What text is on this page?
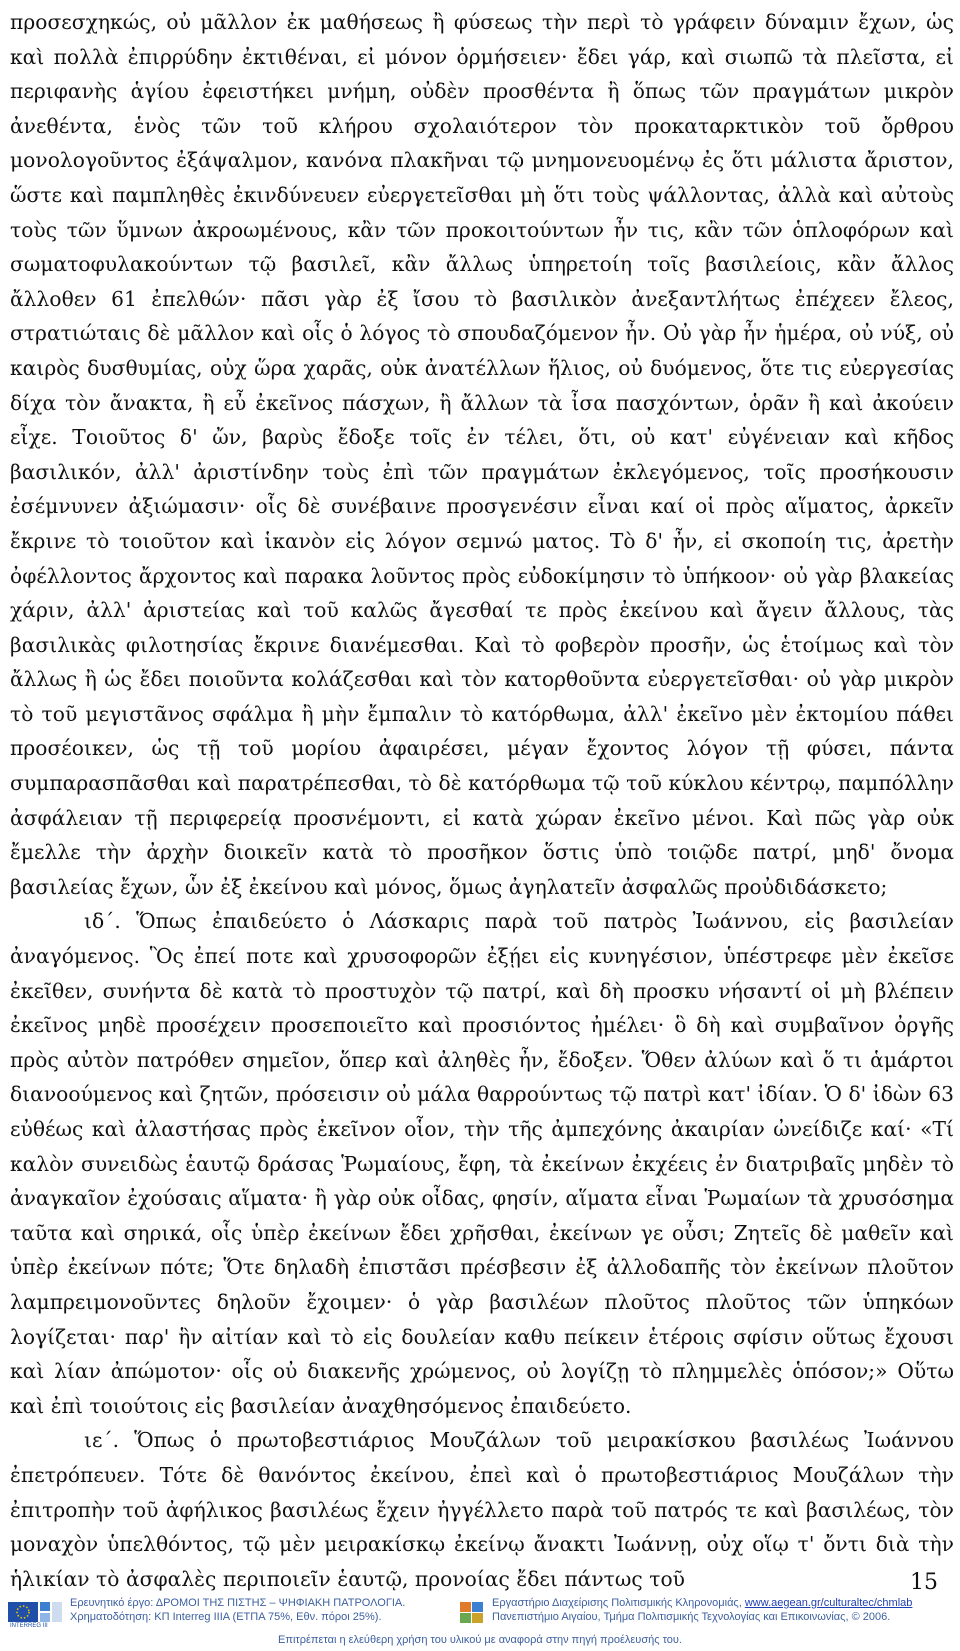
προσεσχηκώς, οὐ μᾶλλον ἐκ μαθήσεως ἢ φύσεως τὴν περὶ τὸ γράφειν δύναμιν ἔχων, ὡς καὶ πολλὰ ἐπιρρύδην ἐκτιθέναι, εἰ μόνον ὁρμήσειεν· ἔδει γάρ, καὶ σιωπῶ τὰ πλεῖστα, εἰ περιφανὴς ἁγίου ἐφειστήκει μνήμη, οὐδὲν προσθέντα ἢ ὅπως τῶν πραγμάτων μικρὸν ἀνεθέντα, ἑνὸς τῶν τοῦ κλήρου σχολαιότερον τὸν προκαταρκτικὸν τοῦ ὄρθρου μονολογοῦντος ἐξάψαλμον, κανόνα πλακῆναι τῷ μνημονευομένῳ ἐς ὅτι μάλιστα ἄριστον, ὥστε καὶ παμπληθὲς ἐκινδύνευεν εὐεργετεῖσθαι μὴ ὅτι τοὺς ψάλλοντας, ἀλλὰ καὶ αὐτοὺς τοὺς τῶν ὕμνων ἀκροωμένους, κἂν τῶν προκοιτούντων ἦν τις, κἂν τῶν ὁπλοφόρων καὶ σωματοφυλακούντων τῷ βασιλεῖ, κἂν ἄλλως ὑπηρετοίη τοῖς βασιλείοις, κἂν ἄλλος ἄλλοθεν 61 ἐπελθών· πᾶσι γὰρ ἐξ ἴσου τὸ βασιλικὸν ἀνεξαντλήτως ἐπέχεεν ἔλεος, στρατιώταις δὲ μᾶλλον καὶ οἷς ὁ λόγος τὸ σπουδαζόμενον ἦν. Οὐ γὰρ ἦν ἡμέρα, οὐ νύξ, οὐ καιρὸς δυσθυμίας, οὐχ ὥρα χαρᾶς, οὐκ ἀνατέλλων ἥλιος, οὐ δυόμενος, ὅτε τις εὐεργεσίας δίχα τὸν ἄνακτα, ἢ εὖ ἐκεῖνος πάσχων, ἢ ἄλλων τὰ ἶσα πασχόντων, ὁρᾶν ἢ καὶ ἀκούειν εἶχε. Τοιοῦτος δ' ὤν, βαρὺς ἔδοξε τοῖς ἐν τέλει, ὅτι, οὐ κατ' εὐγένειαν καὶ κῆδος βασιλικόν, ἀλλ' ἀριστίνδην τοὺς ἐπὶ τῶν πραγμάτων ἐκλεγόμενος, τοῖς προσήκουσιν ἐσέμνυνεν ἀξιώμασιν· οἷς δὲ συνέβαινε προσγενέσιν εἶναι καί οἱ πρὸς αἵματος, ἀρκεῖν ἔκρινε τὸ τοιοῦτον καὶ ἱκανὸν εἰς λόγον σεμνώ ματος. Τὸ δ' ἦν, εἰ σκοποίη τις, ἀρετὴν ὀφέλλοντος ἄρχοντος καὶ παρακα λοῦντος πρὸς εὐδοκίμησιν τὸ ὑπήκοον· οὐ γὰρ βλακείας χάριν, ἀλλ' ἀριστείας καὶ τοῦ καλῶς ἄγεσθαί τε πρὸς ἐκείνου καὶ ἄγειν ἄλλους, τὰς βασιλικὰς φιλοτησίας ἔκρινε διανέμεσθαι. Καὶ τὸ φοβερὸν προσῆν, ὡς ἑτοίμως καὶ τὸν ἄλλως ἢ ὡς ἔδει ποιοῦντα κολάζεσθαι καὶ τὸν κατορθοῦντα εὐεργετεῖσθαι· οὐ γὰρ μικρὸν τὸ τοῦ μεγιστᾶνος σφάλμα ἢ μὴν ἔμπαλιν τὸ κατόρθωμα, ἀλλ' ἐκεῖνο μὲν ἐκτομίου πάθει προσέοικεν, ὡς τῇ τοῦ μορίου ἀφαιρέσει, μέγαν ἔχοντος λόγον τῇ φύσει, πάντα συμπαρασπᾶσθαι καὶ παρατρέπεσθαι, τὸ δὲ κατόρθωμα τῷ τοῦ κύκλου κέντρῳ, παμπόλλην ἀσφάλειαν τῇ περιφερείᾳ προσνέμοντι, εἰ κατὰ χώραν ἐκεῖνο μένοι. Καὶ πῶς γὰρ οὐκ ἔμελλε τὴν ἀρχὴν διοικεῖν κατὰ τὸ προσῆκον ὅστις ὑπὸ τοιῷδε πατρί, μηδ' ὄνομα βασιλείας ἔχων, ὧν ἐξ ἐκείνου καὶ μόνος, ὅμως ἀγηλατεῖν ἀσφαλῶς προὐδιδάσκετο;

ιδ΄. Ὅπως ἐπαιδεύετο ὁ Λάσκαρις παρὰ τοῦ πατρὸς Ἰωάννου, εἰς βασιλείαν ἀναγόμενος. Ὃς ἐπεί ποτε καὶ χρυσοφορῶν ἐξῄει εἰς κυνηγέσιον, ὑπέστρεφε μὲν ἐκεῖσε ἐκεῖθεν, συνήντα δὲ κατὰ τὸ προστυχὸν τῷ πατρί, καὶ δὴ προσκυ νήσαντί οἱ μὴ βλέπειν ἐκεῖνος μηδὲ προσέχειν προσεποιεῖτο καὶ προσιόντος ἠμέλει· ὃ δὴ καὶ συμβαῖνον ὀργῆς πρὸς αὐτὸν πατρόθεν σημεῖον, ὅπερ καὶ ἀληθὲς ἦν, ἔδοξεν. Ὅθεν ἀλύων καὶ ὅ τι ἁμάρτοι διανοούμενος καὶ ζητῶν, πρόσεισιν οὐ μάλα θαρρούντως τῷ πατρὶ κατ' ἰδίαν. Ὁ δ' ἰδὼν 63 εὐθέως καὶ ἀλαστήσας πρὸς ἐκεῖνον οἷον, τὴν τῆς ἀμπεχόνης ἀκαιρίαν ὠνείδιζε καί· «Τί καλὸν συνειδὼς ἑαυτῷ δράσας Ῥωμαίους, ἔφη, τὰ ἐκείνων ἐκχέεις ἐν διατριβαῖς μηδὲν τὸ ἀναγκαῖον ἐχούσαις αἵματα· ἢ γὰρ οὐκ οἶδας, φησίν, αἵματα εἶναι Ῥωμαίων τὰ χρυσόσημα ταῦτα καὶ σηρικά, οἷς ὑπὲρ ἐκείνων ἔδει χρῆσθαι, ἐκείνων γε οὖσι; Ζητεῖς δὲ μαθεῖν καὶ ὑπὲρ ἐκείνων πότε; Ὅτε δηλαδὴ ἐπιστᾶσι πρέσβεσιν ἐξ ἀλλοδαπῆς τὸν ἐκείνων πλοῦτον λαμπρειμονοῦντες δηλοῦν ἔχοιμεν· ὁ γὰρ βασιλέων πλοῦτος πλοῦτος τῶν ὑπηκόων λογίζεται· παρ' ἣν αἰτίαν καὶ τὸ εἰς δουλείαν καθυ πείκειν ἑτέροις σφίσιν οὕτως ἔχουσι καὶ λίαν ἀπώμοτον· οἷς οὐ διακενῆς χρώμενος, οὐ λογίζῃ τὸ πλημμελὲς ὁπόσον;» Οὕτω καὶ ἐπὶ τοιούτοις εἰς βασιλείαν ἀναχθησόμενος ἐπαιδεύετο.

ιε΄. Ὅπως ὁ πρωτοβεστιάριος Μουζάλων τοῦ μειρακίσκου βασιλέως Ἰωάννου ἐπετρόπευεν. Τότε δὲ θανόντος ἐκείνου, ἐπεὶ καὶ ὁ πρωτοβεστιάριος Μουζάλων τὴν ἐπιτροπὴν τοῦ ἀφήλικος βασιλέως ἔχειν ἠγγέλλετο παρὰ τοῦ πατρός τε καὶ βασιλέως, τὸν μοναχὸν ὑπελθόντος, τῷ μὲν μειρακίσκῳ ἐκείνῳ ἄνακτι Ἰωάννῃ, οὐχ οἵῳ τ' ὄντι διὰ τὴν ἡλικίαν τὸ ἀσφαλὲς περιποιεῖν ἑαυτῷ, προνοίας ἔδει πάντως τοῦ	15
INTERREG III
Ερευνητικό έργο: ΔΡΟΜΟΙ ΤΗΣ ΠΙΣΤΗΣ – ΨΗΦΙΑΚΗ ΠΑΤΡΟΛΟΓΙΑ.
Χρηματοδότηση: ΚΠ Interreg IIIA (ΕΤΠΑ 75%, Εθν. πόροι 25%).
Εργαστήριο Διαχείρισης Πολιτισμικής Κληρονομιάς, www.aegean.gr/culturaltec/chmlab
Πανεπιστήμιο Αιγαίου, Τμήμα Πολιτισμικής Τεχνολογίας και Επικοινωνίας, © 2006.
Επιτρέπεται η ελεύθερη χρήση του υλικού με αναφορά στην πηγή προέλευσής του.
